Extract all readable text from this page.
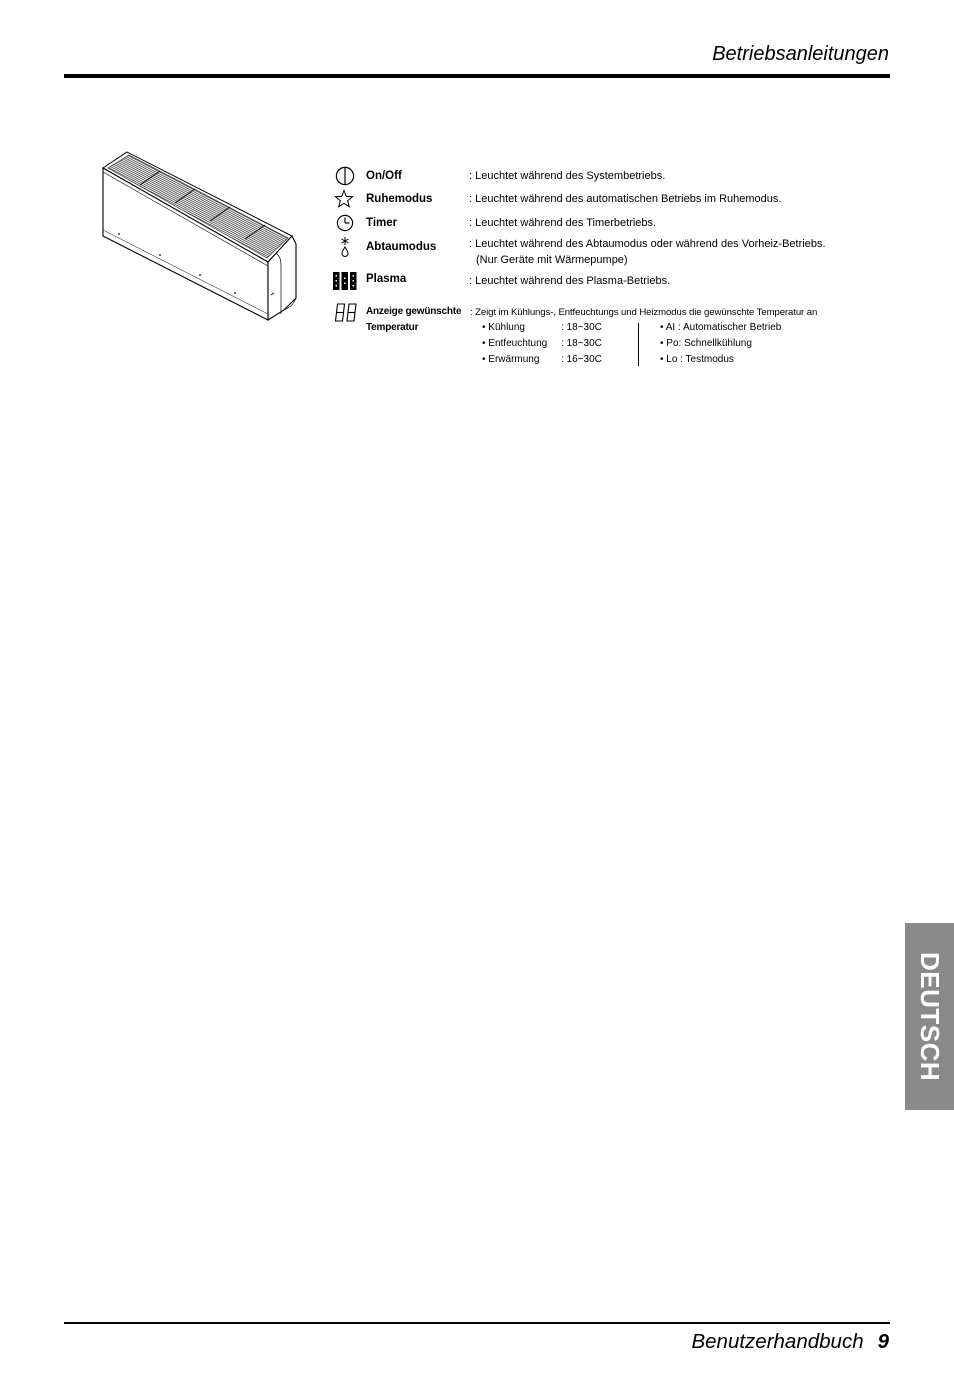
Betriebsanleitungen
On/Off	: Leuchtet während des Systembetriebs.
Ruhemodus	: Leuchtet während des automatischen Betriebs im Ruhemodus.
Timer	: Leuchtet während des Timerbetriebs.
Abtaumodus	: Leuchtet während des Abtaumodus oder während des Vorheiz-Betriebs.
(Nur Geräte mit Wärmepumpe)
Plasma	: Leuchtet während des Plasma-Betriebs.
Anzeige gewünschte
Temperatur
: Zeigt im Kühlungs-, Entfeuchtungs und Heizmodus die gewünschte Temperatur an
• Kühlung	: 18~30C
• Entfeuchtung : 18~30C
• Erwärmung : 16~30C
• AI : Automatischer Betrieb
• Po: Schnellkühlung
• Lo : Testmodus
DEUTSCH
Benutzerhandbuch 9
